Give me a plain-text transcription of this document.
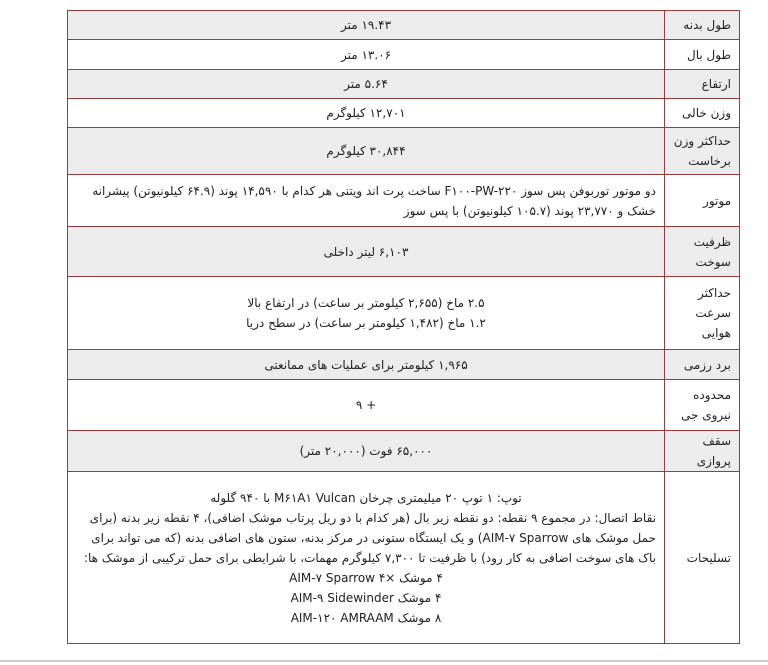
طول بدنه	۱۹.۴۳ متر

طول بال	۱۳.۰۶ متر

ارتفاع	۵.۶۴ متر

وزن خالی	۱۲,۷۰۱ کیلوگرم

حداکثر وزن برخاست	۳۰,۸۴۴ کیلوگرم

موتور	دو موتور توربوفن پس سوز F۱۰۰-PW-۲۲۰ ساخت پرت اند ویتنی هر کدام با ۱۴,۵۹۰ پوند (۶۴.۹ کیلونیوتن) پیشرانه خشک و ۲۳,۷۷۰ پوند (۱۰۵.۷ کیلونیوتن) با پس سوز

ظرفیت سوخت	۶,۱۰۳ لیتر داخلی

حداکثر سرعت هوایی	۲.۵ ماخ (۲,۶۵۵ کیلومتر بر ساعت) در ارتفاع بالا
۱.۲ ماخ (۱,۴۸۲ کیلومتر بر ساعت) در سطح دریا

برد رزمی	۱,۹۶۵ کیلومتر برای عملیات های ممانعتی

محدوده نیروی جی	+ ۹

سقف پروازی	۶۵,۰۰۰ فوت (۲۰,۰۰۰ متر)

تسلیحات	توپ: ۱ توپ ۲۰ میلیمتری چرخان M۶۱A۱ Vulcan با ۹۴۰ گلوله
نقاط اتصال: در مجموع ۹ نقطه: دو نقطه زیر بال (هر کدام با دو ریل پرتاب موشک اضافی)، ۴ نقطه زیر بدنه (برای حمل موشک های AIM-۷ Sparrow) و یک ایستگاه ستونی در مرکز بدنه، ستون های اضافی بدنه (که می تواند برای باک های سوخت اضافی به کار رود) با ظرفیت تا ۷,۳۰۰ کیلوگرم مهمات، با شرایطی برای حمل ترکیبی از موشک ها:
۴ موشک ×۴ AIM-۷ Sparrow
۴ موشک AIM-۹ Sidewinder
۸ موشک AIM-۱۲۰ AMRAAM
